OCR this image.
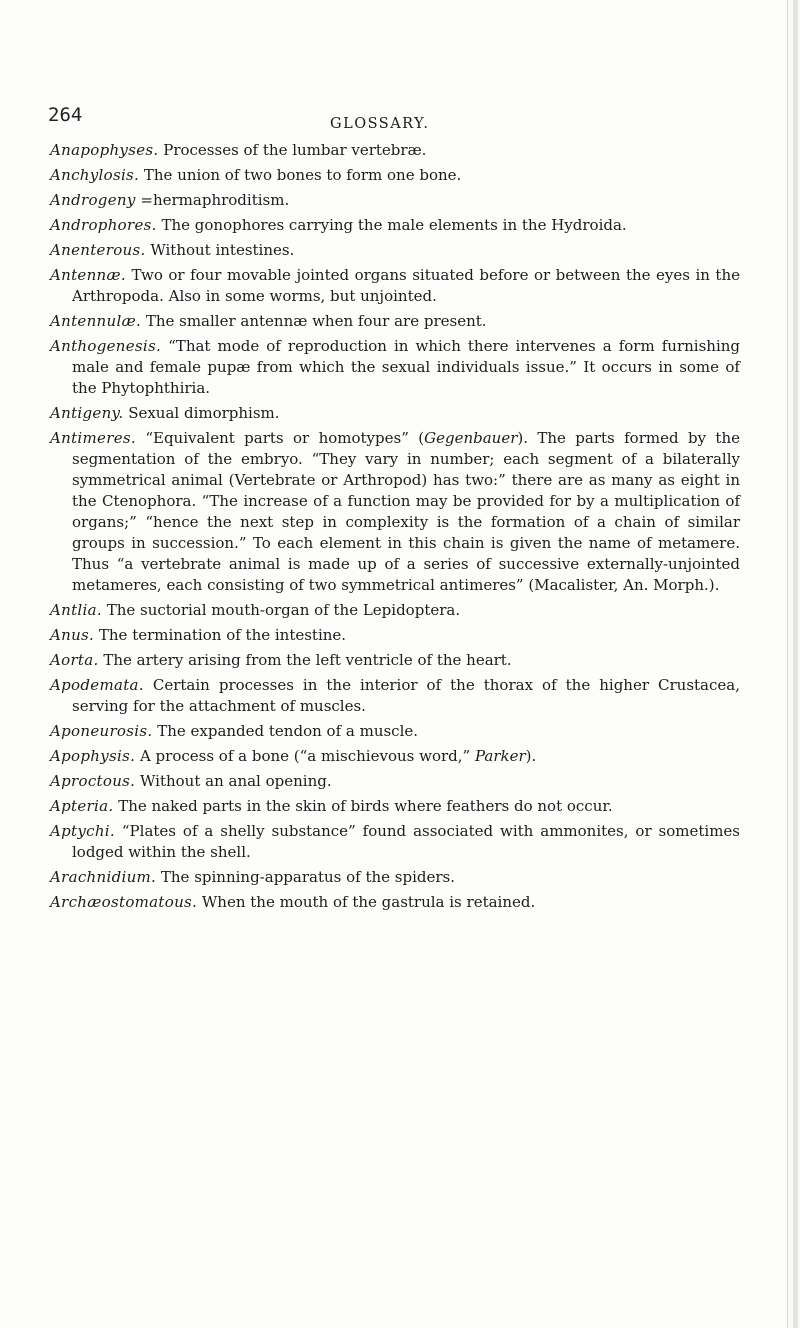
264	GLOSSARY.
Anapophyses. Processes of the lumbar vertebræ.
Anchylosis. The union of two bones to form one bone.
Androgeny =hermaphroditism.
Androphores. The gonophores carrying the male elements in the Hydroida.
Anenterous. Without intestines.
Antennæ. Two or four movable jointed organs situated before or between the eyes in the Arthropoda. Also in some worms, but unjointed.
Antennulæ. The smaller antennæ when four are present.
Anthogenesis. “That mode of reproduction in which there intervenes a form furnishing male and female pupæ from which the sexual individuals issue.” It occurs in some of the Phytophthiria.
Antigeny. Sexual dimorphism.
Antimeres. “Equivalent parts or homotypes” (Gegenbauer). The parts formed by the segmentation of the embryo. “They vary in number; each segment of a bilaterally symmetrical animal (Vertebrate or Arthropod) has two:” there are as many as eight in the Ctenophora. “The increase of a function may be provided for by a multiplication of organs;” “hence the next step in complexity is the formation of a chain of similar groups in succession.” To each element in this chain is given the name of metamere. Thus “a vertebrate animal is made up of a series of successive externally-unjointed metameres, each consisting of two symmetrical antimeres” (Macalister, An. Morph.).
Antlia. The suctorial mouth-organ of the Lepidoptera.
Anus. The termination of the intestine.
Aorta. The artery arising from the left ventricle of the heart.
Apodemata. Certain processes in the interior of the thorax of the higher Crustacea, serving for the attachment of muscles.
Aponeurosis. The expanded tendon of a muscle.
Apophysis. A process of a bone (“a mischievous word,” Parker).
Aproctous. Without an anal opening.
Apteria. The naked parts in the skin of birds where feathers do not occur.
Aptychi. “Plates of a shelly substance” found associated with ammonites, or sometimes lodged within the shell.
Arachnidium. The spinning-apparatus of the spiders.
Archæostomatous. When the mouth of the gastrula is retained.
